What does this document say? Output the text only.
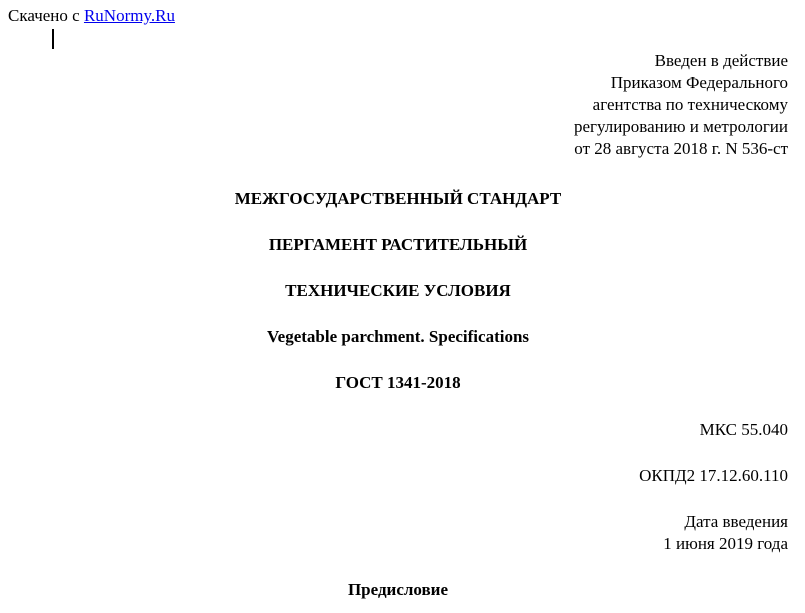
Скачено с RuNormy.Ru
Введен в действие
Приказом Федерального
агентства по техническому
регулированию и метрологии
от 28 августа 2018 г. N 536-ст
МЕЖГОСУДАРСТВЕННЫЙ СТАНДАРТ
ПЕРГАМЕНТ РАСТИТЕЛЬНЫЙ
ТЕХНИЧЕСКИЕ УСЛОВИЯ
Vegetable parchment. Specifications
ГОСТ 1341-2018
МКС 55.040
ОКПД2 17.12.60.110
Дата введения
1 июня 2019 года
Предисловие
